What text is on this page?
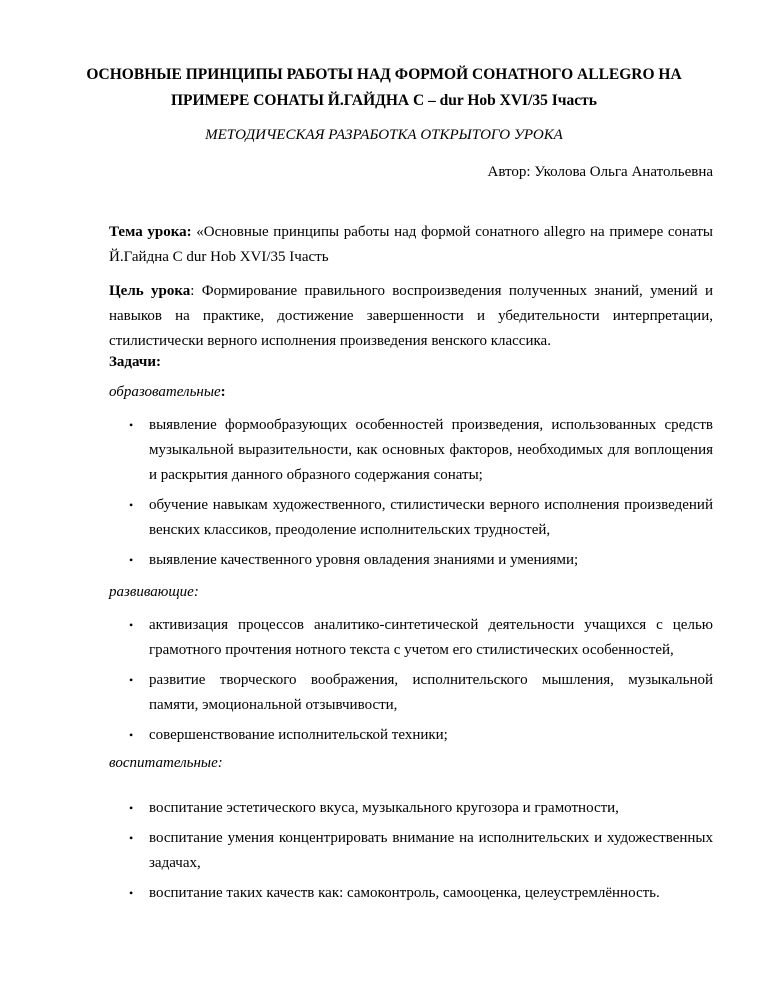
ОСНОВНЫЕ ПРИНЦИПЫ РАБОТЫ НАД ФОРМОЙ СОНАТНОГО ALLEGRO НА
ПРИМЕРЕ СОНАТЫ Й.ГАЙДНА С – dur Hob XVI/35 Iчасть
МЕТОДИЧЕСКАЯ РАЗРАБОТКА ОТКРЫТОГО УРОКА
Автор: Уколова Ольга Анатольевна
Тема урока: «Основные принципы работы над формой сонатного allegro на примере сонаты Й.Гайдна C dur Hob XVI/35 Iчасть
Цель урока: Формирование правильного воспроизведения полученных знаний, умений и навыков на практике, достижение завершенности и убедительности интерпретации, стилистически верного исполнения произведения венского классика.
Задачи:
образовательные:
• выявление формообразующих особенностей произведения, использованных средств музыкальной выразительности, как основных факторов, необходимых для воплощения и раскрытия данного образного содержания сонаты;
• обучение навыкам художественного, стилистически верного исполнения произведений венских классиков, преодоление исполнительских трудностей,
• выявление качественного уровня овладения знаниями и умениями;
развивающие:
• активизация процессов аналитико-синтетической деятельности учащихся с целью грамотного прочтения нотного текста с учетом его стилистических особенностей,
• развитие творческого воображения, исполнительского мышления, музыкальной памяти, эмоциональной отзывчивости,
• совершенствование исполнительской техники;
воспитательные:
• воспитание эстетического вкуса, музыкального кругозора и грамотности,
• воспитание умения концентрировать внимание на исполнительских и художественных задачах,
• воспитание таких качеств как: самоконтроль, самооценка, целеустремлённость.
